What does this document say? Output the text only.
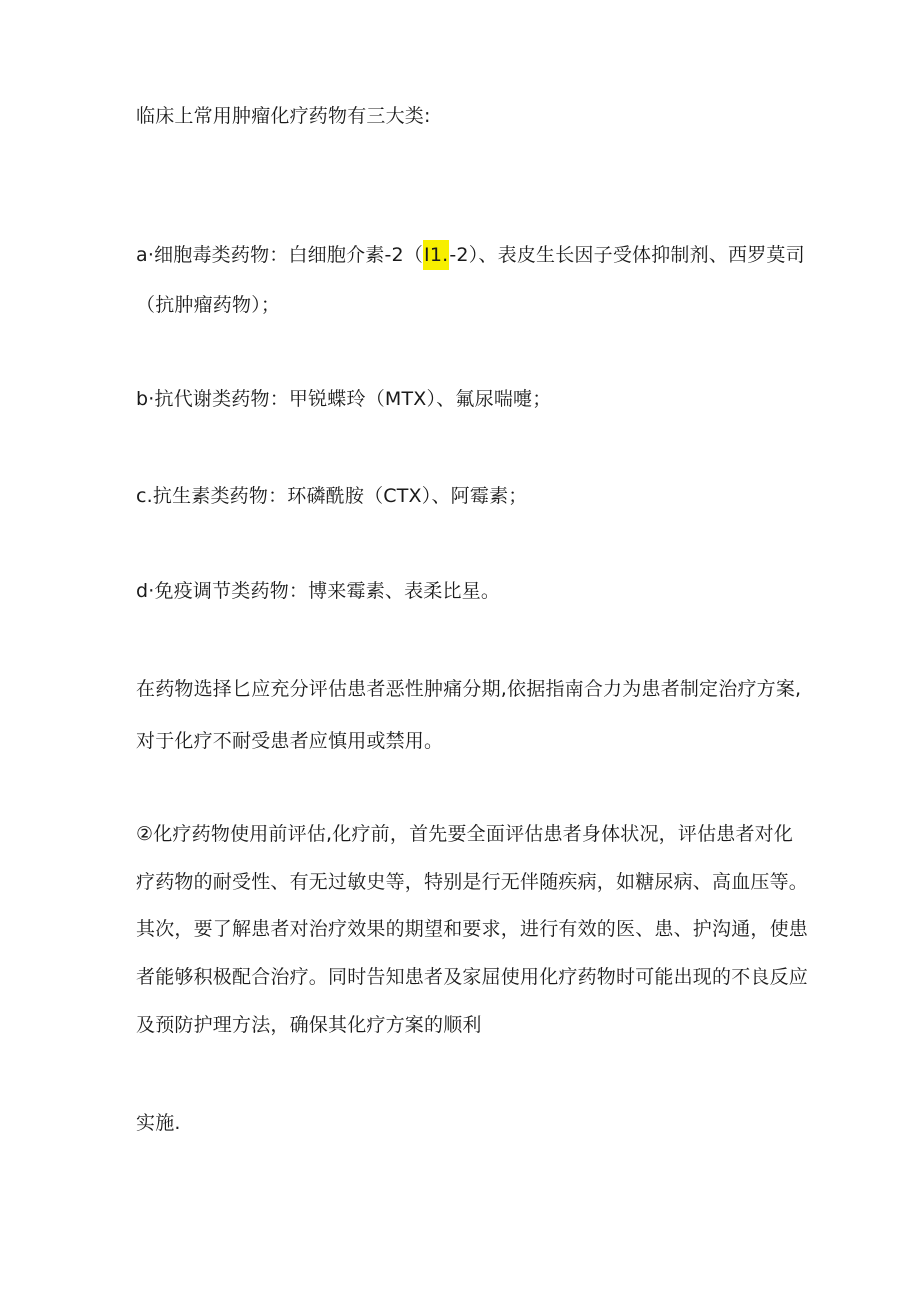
临床上常用肿瘤化疗药物有三大类:
a·细胞毒类药物：白细胞介素-2（I1.-2）、表皮生长因子受体抑制剂、西罗莫司
（抗肿瘤药物）；
b·抗代谢类药物：甲锐蝶玲（MTX）、氟尿喘嚏；
c.抗生素类药物：环磷酰胺（CTX）、阿霉素；
d·免疫调节类药物：博来霉素、表柔比星。
在药物选择匕应充分评估患者恶性肿痛分期,依据指南合力为患者制定治疗方案,
对于化疗不耐受患者应慎用或禁用。
②化疗药物使用前评估,化疗前，首先要全面评估患者身体状况，评估患者对化
疗药物的耐受性、有无过敏史等，特别是行无伴随疾病，如糖尿病、高血压等。
其次，要了解患者对治疗效果的期望和要求，进行有效的医、患、护沟通，使患
者能够积极配合治疗。同时告知患者及家屈使用化疗药物时可能出现的不良反应
及预防护理方法，确保其化疗方案的顺利
实施.
